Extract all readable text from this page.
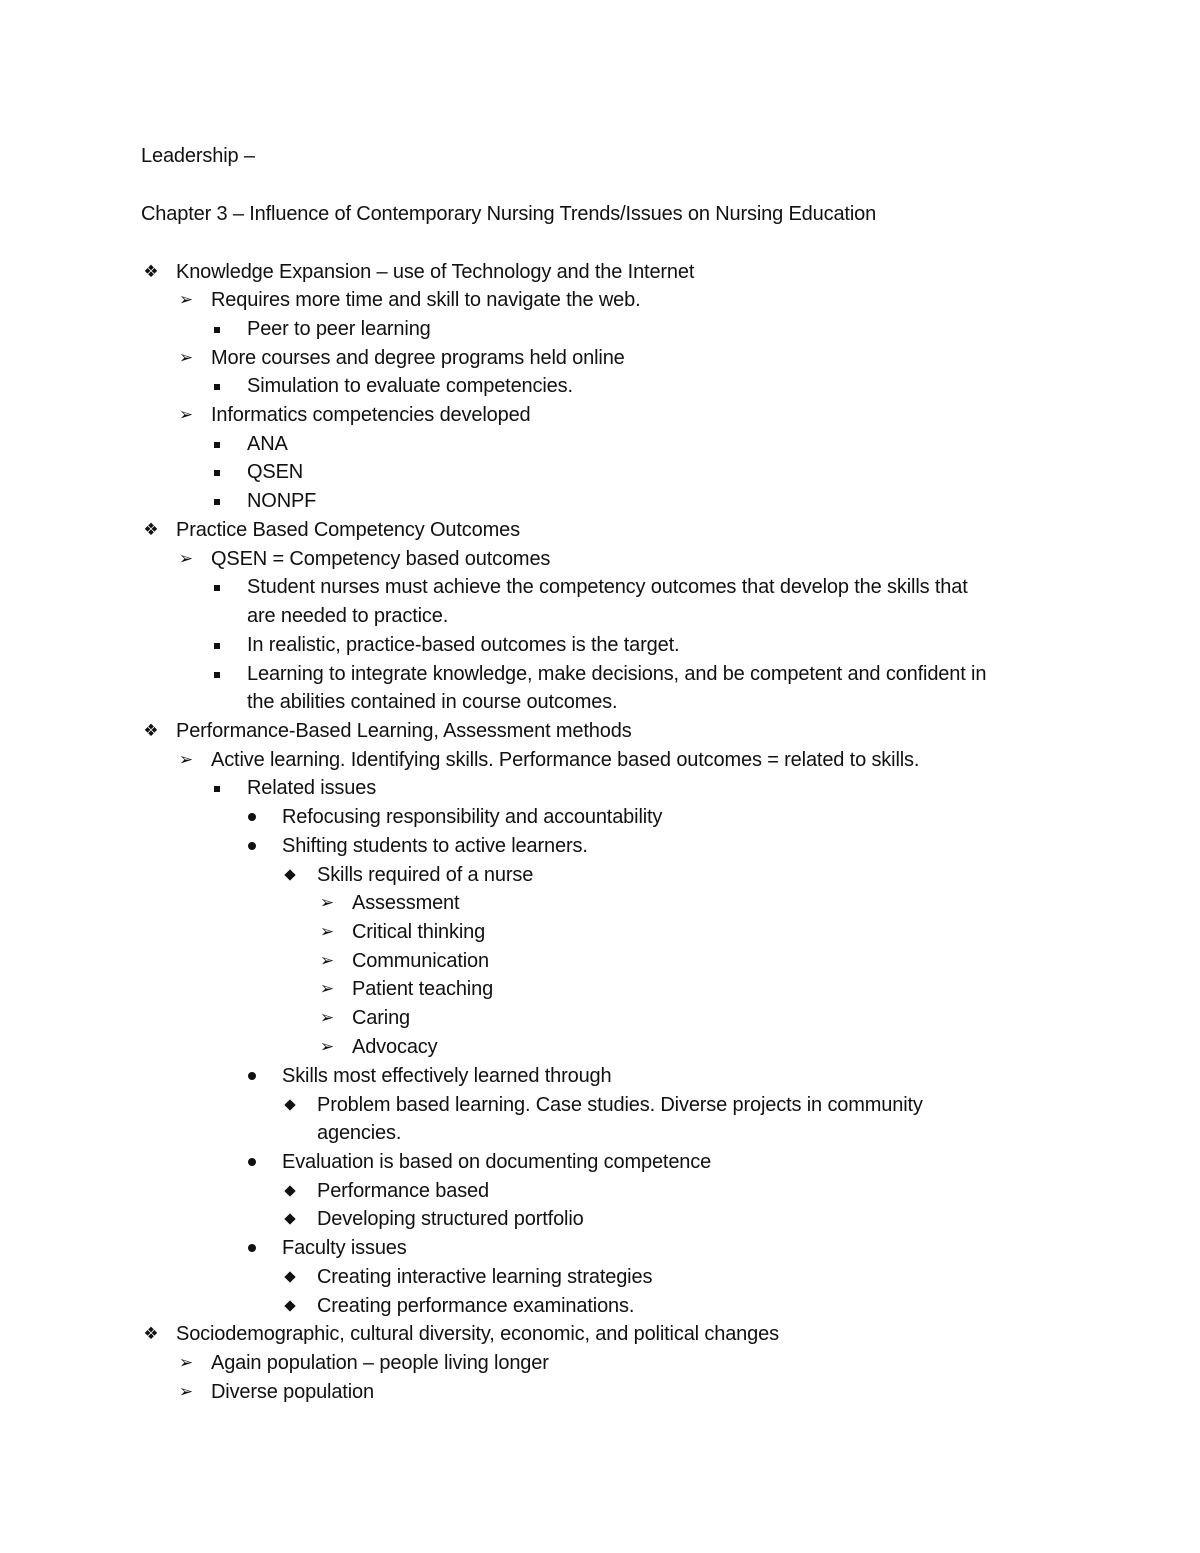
Leadership –
Chapter 3 – Influence of Contemporary Nursing Trends/Issues on Nursing Education
❖ Knowledge Expansion – use of Technology and the Internet
➢ Requires more time and skill to navigate the web.
Peer to peer learning
➢ More courses and degree programs held online
Simulation to evaluate competencies.
➢ Informatics competencies developed
ANA
QSEN
NONPF
❖ Practice Based Competency Outcomes
➢ QSEN = Competency based outcomes
Student nurses must achieve the competency outcomes that develop the skills that
are needed to practice.
In realistic, practice-based outcomes is the target.
Learning to integrate knowledge, make decisions, and be competent and confident in
the abilities contained in course outcomes.
❖ Performance-Based Learning, Assessment methods
➢ Active learning. Identifying skills. Performance based outcomes = related to skills.
Related issues
Refocusing responsibility and accountability
Shifting students to active learners.
Skills required of a nurse
➢ Assessment
➢ Critical thinking
➢ Communication
➢ Patient teaching
➢ Caring
➢ Advocacy
Skills most effectively learned through
Problem based learning. Case studies. Diverse projects in community
agencies.
Evaluation is based on documenting competence
Performance based
Developing structured portfolio
Faculty issues
Creating interactive learning strategies
Creating performance examinations.
❖ Sociodemographic, cultural diversity, economic, and political changes
➢ Again population – people living longer
➢ Diverse population
